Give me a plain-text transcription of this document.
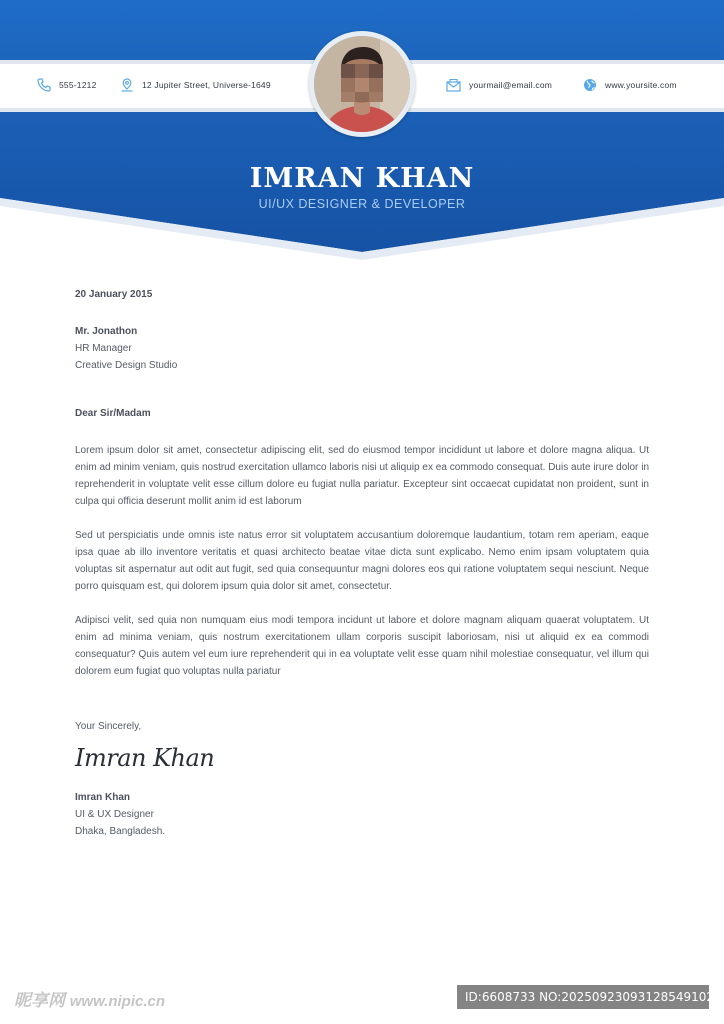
555-1212	12 Jupiter Street, Universe-1649	yourmail@email.com	www.yoursite.com
IMRAN KHAN
UI/UX DESIGNER & DEVELOPER
20 January 2015
Mr. Jonathon
HR Manager
Creative Design Studio
Dear Sir/Madam

Lorem ipsum dolor sit amet, consectetur adipiscing elit, sed do eiusmod tempor incididunt ut labore et dolore magna aliqua. Ut enim ad minim veniam, quis nostrud exercitation ullamco laboris nisi ut aliquip ex ea commodo consequat. Duis aute irure dolor in reprehenderit in voluptate velit esse cillum dolore eu fugiat nulla pariatur. Excepteur sint occaecat cupidatat non proident, sunt in culpa qui officia deserunt mollit anim id est laborum

Sed ut perspiciatis unde omnis iste natus error sit voluptatem accusantium doloremque laudantium, totam rem aperiam, eaque ipsa quae ab illo inventore veritatis et quasi architecto beatae vitae dicta sunt explicabo. Nemo enim ipsam voluptatem quia voluptas sit aspernatur aut odit aut fugit, sed quia consequuntur magni dolores eos qui ratione voluptatem sequi nesciunt. Neque porro quisquam est, qui dolorem ipsum quia dolor sit amet, consectetur.

Adipisci velit, sed quia non numquam eius modi tempora incidunt ut labore et dolore magnam aliquam quaerat voluptatem. Ut enim ad minima veniam, quis nostrum exercitationem ullam corporis suscipit laboriosam, nisi ut aliquid ex ea commodi consequatur? Quis autem vel eum iure reprehenderit qui in ea voluptate velit esse quam nihil molestiae consequatur, vel illum qui dolorem eum fugiat quo voluptas nulla pariatur

Your Sincerely,
Imran Khan
Imran Khan
UI & UX Designer
Dhaka, Bangladesh.
昵享网 www.nipic.cn	ID:6608733 NO:20250923093128549102
